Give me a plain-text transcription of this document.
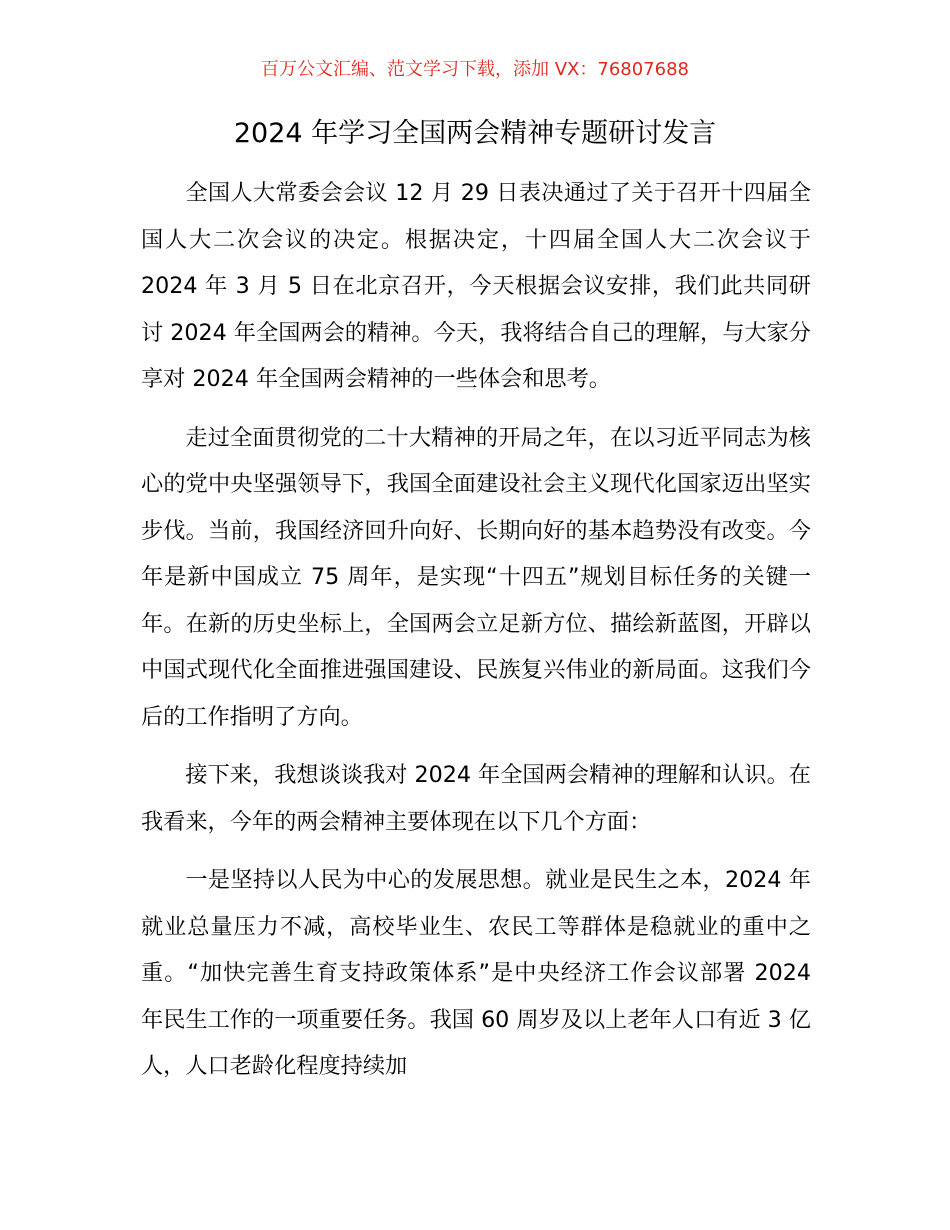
百万公文汇编、范文学习下载，添加 VX：76807688
2024 年学习全国两会精神专题研讨发言

全国人大常委会会议 12 月 29 日表决通过了关于召开十四届全国人大二次会议的决定。根据决定，十四届全国人大二次会议于 2024 年 3 月 5 日在北京召开，今天根据会议安排，我们此共同研讨 2024 年全国两会的精神。今天，我将结合自己的理解，与大家分享对 2024 年全国两会精神的一些体会和思考。

走过全面贯彻党的二十大精神的开局之年，在以习近平同志为核心的党中央坚强领导下，我国全面建设社会主义现代化国家迈出坚实步伐。当前，我国经济回升向好、长期向好的基本趋势没有改变。今年是新中国成立 75 周年，是实现“十四五”规划目标任务的关键一年。在新的历史坐标上，全国两会立足新方位、描绘新蓝图，开辟以中国式现代化全面推进强国建设、民族复兴伟业的新局面。这我们今后的工作指明了方向。

接下来，我想谈谈我对 2024 年全国两会精神的理解和认识。在我看来，今年的两会精神主要体现在以下几个方面：

一是坚持以人民为中心的发展思想。就业是民生之本，2024 年就业总量压力不减，高校毕业生、农民工等群体是稳就业的重中之重。“加快完善生育支持政策体系”是中央经济工作会议部署 2024 年民生工作的一项重要任务。我国 60 周岁及以上老年人口有近 3 亿人，人口老龄化程度持续加
